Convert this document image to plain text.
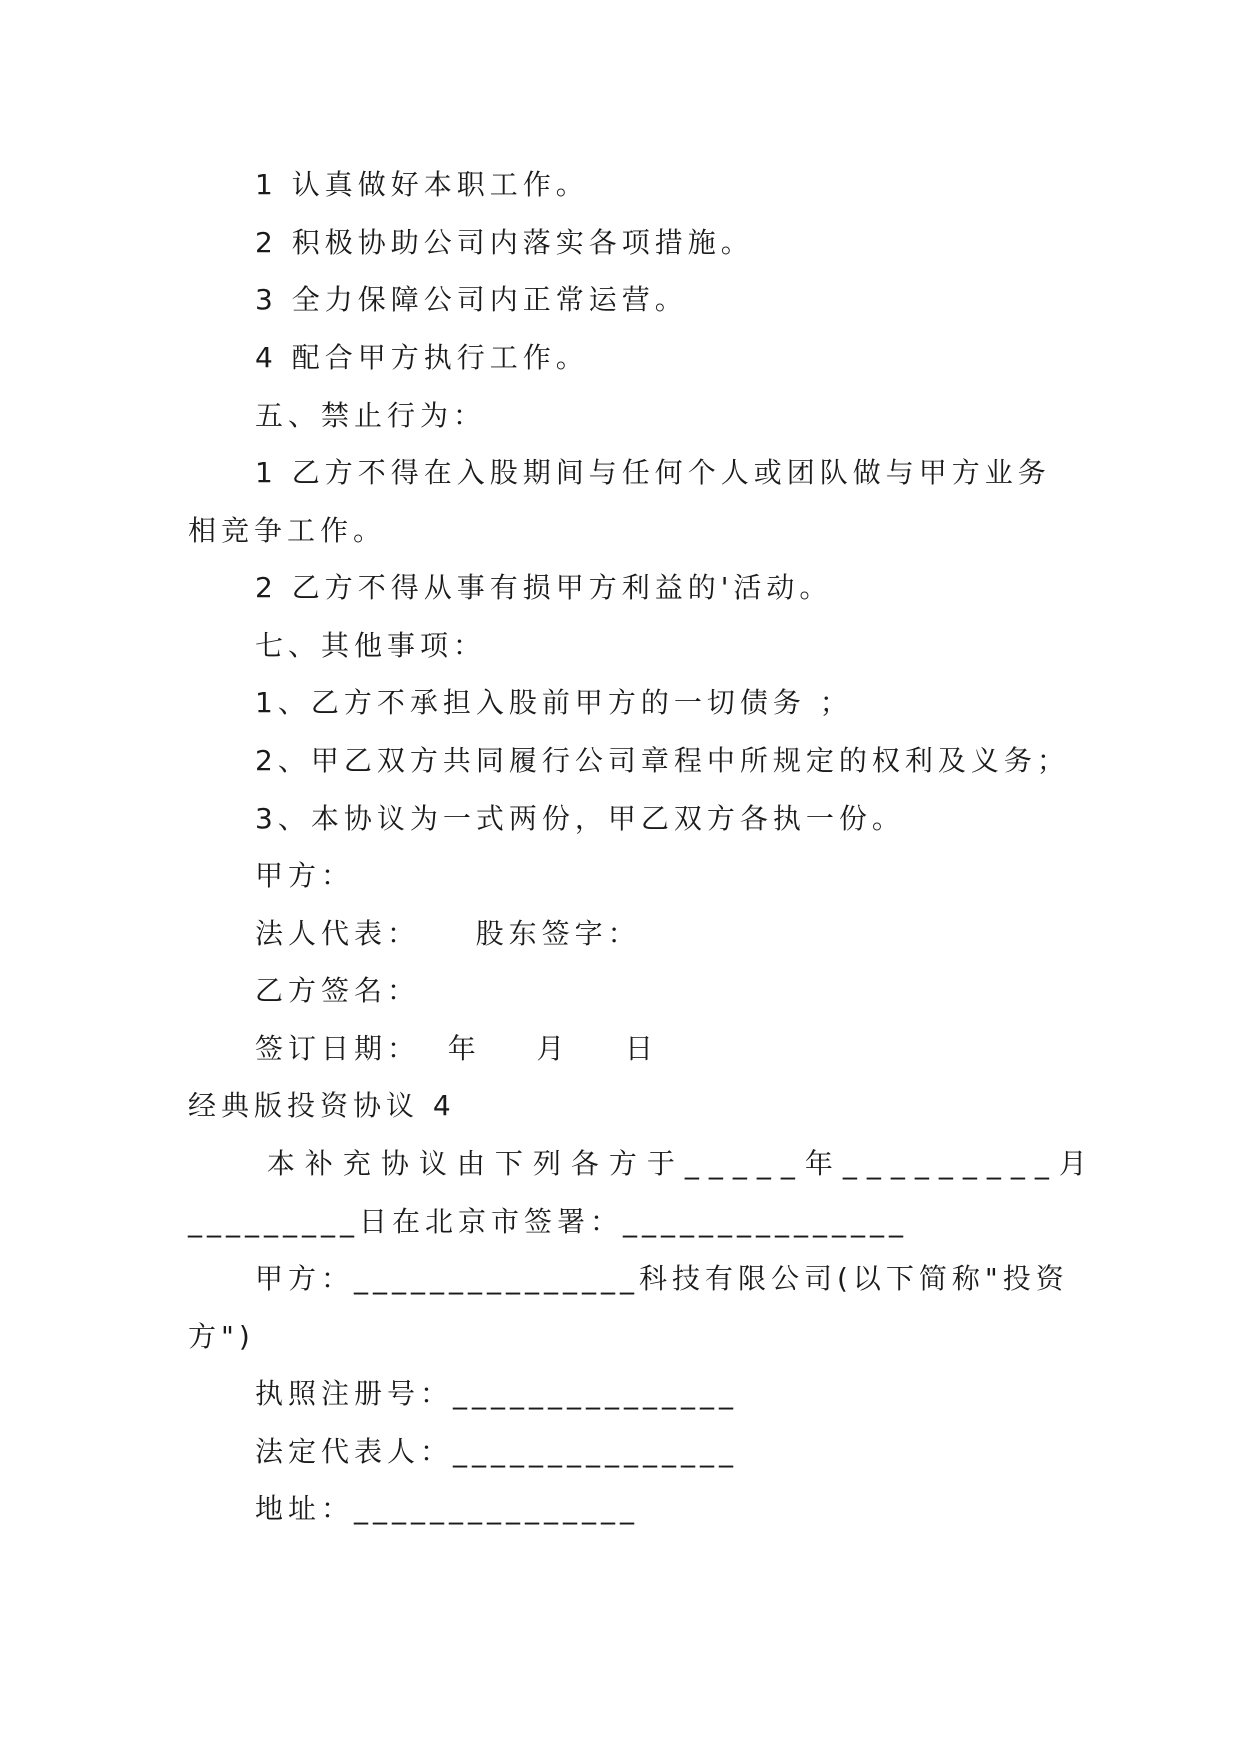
1 认真做好本职工作。
2 积极协助公司内落实各项措施。
3 全力保障公司内正常运营。
4 配合甲方执行工作。
五、禁止行为：
1 乙方不得在入股期间与任何个人或团队做与甲方业务
相竞争工作。
2 乙方不得从事有损甲方利益的'活动。
七、其他事项：
1、乙方不承担入股前甲方的一切债务 ；
2、甲乙双方共同履行公司章程中所规定的权利及义务；
3、本协议为一式两份，甲乙双方各执一份。
甲方：
法人代表：    股东签字：
乙方签名：
签订日期：  年    月    日
经典版投资协议 4
本补充协议由下列各方于_____年_________月
_________日在北京市签署：_______________
甲方：_______________科技有限公司(以下简称"投资
方")
执照注册号：_______________
法定代表人：_______________
地址：_______________
